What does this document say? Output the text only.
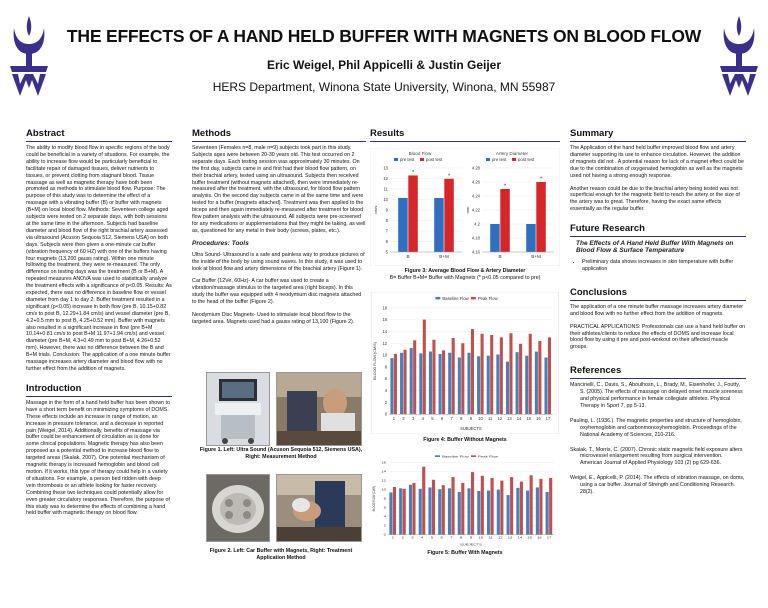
THE EFFECTS OF A HAND HELD BUFFER WITH MAGNETS ON BLOOD FLOW
Eric Weigel, Phil Appicelli & Justin Geijer
HERS Department, Winona State University, Winona, MN 55987
Abstract

The ability to modify blood flow in specific regions of the body could be beneficial in a variety of situations. For example, the ability to increase flow would be particularly beneficial to facilitate repair of damaged tissues, deliver nutrients to tissues, or prevent clotting from stagnant blood. Tissue massage as well as magnetic therapy have both been promoted as methods to stimulate blood flow. Purpose: The purpose of this study was to determine the effect of a massage with a vibrating buffer (B) or buffer with magnets (B+M) on local blood flow. Methods: Seventeen college aged subjects were tested on 2 separate days, with both sessions at the same time in the afternoon. Subjects had baseline diameter and blood flow of the right brachial artery assessed via ultrasound (Acuson Sequoia 512, Siemens USA) on both days. Subjects were then given a one-minute car buffer (vibration frequency of 60 HZ) with one of the buffers having four magnets (13,200 gauss rating). Within one minute following the treatment, they were re-measured. The only difference on testing days was the treatment (B or B+M). A repeated measures ANOVA was used to statistically analyze the treatment effects with a significance of p<0.05. Results: As expected, there was no difference in baseline flow or vessel diameter from day 1 to day 2. Buffer treatment resulted in a significant (p<0.05) increase in both flow (pre B, 10.15+0.82 cm/s to post B, 12.29+1.84 cm/s) and vessel diameter (pre B, 4.2+0.5 mm to post B, 4.25+0.52 mm). Buffer with magnets also resulted in a significant increase in flow (pre B+M 10.14+0.81 cm/s to post B+M 11.97+1.94 cm/s) and vessel diameter (pre B+M, 4.3+0.49 mm to post B+M, 4.26+0.52 mm). However, there was no difference between the B and B+M trials. Conclusion: The application of a one minute buffer massage increases artery diameter and blood flow with no further effect from the addition of magnets.

Introduction

Massage in the form of a hand held buffer has been shown to have a short term benefit on minimizing symptoms of DOMS. These effects include an increase in range of motion, an increase in pressure tolerance, and a decrease in reported pain (Weigel, 2014). Additionally, benefits of massage via buffer could be enhancement of circulation as is done for some clinical populations. Magnetic therapy has also been proposed as a potential method to increase blood flow to targeted areas (Skalak, 2007). One potential mechanism of magnetic therapy is increased hemoglobin and blood cell motion. If it works, this type of therapy could help in a variety of situations. For example, a person bed ridden with deep vein thrombosis or an athlete looking for faster recovery. Combining these two techniques could potentially allow for even greater circulatory responses. Therefore, the purpose of this study was to determine the effects of combining a hand held buffer with magnetic therapy on blood flow.

Methods

Seventeen (Females n=8, male n=9) subjects took part in this study. Subjects ages were between 20-30 years old. This test occurred on 2 separate days. Each testing session was approximately 30 minutes. On the first day, subjects came in and first had their blood flow pattern, on their brachial artery, tested using an ultrasound. Subjects then received buffer treatment (without magnets attached), then were immediately re-measured after the treatment, with the ultrasound, for blood flow pattern analysis. On the second day subjects came in at the same time and were tested for a buffer (magnets attached). Treatment was then applied to the biceps and then again immediately re-measured after treatment for blood flow pattern analysis with the ultrasound. All subjects were pre-screened for any medications or supplementations that they might be taking, as well as, questioned for any metal in their body (screws, plates, etc.).

Procedures: Tools

Ultra Sound- Ultrasound is a safe and painless way to produce pictures of the inside of the body by using sound waves. In this study, it was used to look at blood flow and artery dimensions of the brachial artery (Figure 1).

Car Buffer (12Ve, 60Hz)- A car buffer was used to create a vibration/massage stimulus to the targeted area (right biceps). In this study the buffer was equipped with 4 neodymium disc magnets attached to the head of the buffer (Figure 2).

Neodymium Disc Magnets- Used to stimulate local blood flow to the targeted area. Magnets used had a gauss rating of 13,100 (Figure 2).

Figure 1. Left: Ultra Sound (Acuson Sequoia 512, Siemens USA), Right: Measurement Method
Figure 2. Left: Car Buffer with Magnets, Right: Treatment Application Method
Results
Blood Flow
pre test	post test
5
6
7
8
9
10
11
12
13
cm/s
*
B
*
B+M
Artery Diameter
pre test	post test
4.16
4.18
4.2
4.22
4.24
4.26
4.28
mm
*
B
*
B+M
Figure 3: Average Blood Flow & Artery Diameter
B= Buffer B+M= Buffer with Magnets (* p<0.05 compared to pre)
Baseline Flow Peak Flow
0
2
4
6
8
10
12
14
16
18
BLOOD FLOW (CM/S)
1 2 3 4 5 6 7 8 9 10 11 12 13 14 15 16 17
SUBJECTS
Figure 4: Buffer Without Magnets
Baseline Flow Peak Flow
0
2
4
6
8
10
12
14
16
BLOOD FLOW (CM/S)
1 2 3 4 5 6 7 8 9 10 11 12 13 14 15 16 17
SUBJECTS
Figure 5: Buffer With Magnets
Summary

The Application of the hand held buffer improved blood flow and artery diameter supporting its use to enhance circulation. However, the addition of magnets did not . A potential reason for lack of a magnet effect could be due to the combination of oxygenated hemoglobin as well as the magnets used not having a strong enough response.

Another reason could be due to the brachial artery being tested was not superficial enough for the magnetic field to reach the artery or the size of the artery was to great. Therefore, having the exact same effects essentially as the regular buffer.

Future Research
The Effects of A Hand Held Buffer With Magnets on Blood Flow & Surface Temperature
• Preliminary data shows increases in skin temperature with buffer application
Conclusions

The application of a one minute buffer massage increases artery diameter and blood flow with no further effect from the addition of magnets.

PRACTICAL APPLICATIONS: Professionals can use a hand held buffer on their athletes/clients to reduce the effects of DOMS and increase local blood flow by using it pre and post-workout on their affected muscle groups.

References

Mancinelli, C., Davis, S., Aboulhosn, L., Brady, M., Eisenhofer, J., Foutty, S. (2005). The effects of massage on delayed onset muscle soreness and physical performance in female collegiate athletes. Physical Therapy in Sport 7, pp 5-13.

Pauling, L. (1936.). The magnetic properties and structure of hemoglobin, oxyhemoglobin and carbonmonoxyhemoglobin. Proceedings of the National Academy of Sciences, 210-216.

Skalak, T., Morris, C. (2007). Chronic static magnetic field exposure alters microvessel enlargement resulting from surgical intervention. American Journal of Applied Physiology 103 (2) pg 629-636.

Weigel, E., Appicelli, P. (2014). The effects of vibration massage, on doms, using a car buffer. Journal of Strength and Conditioning Research. 28(2).
